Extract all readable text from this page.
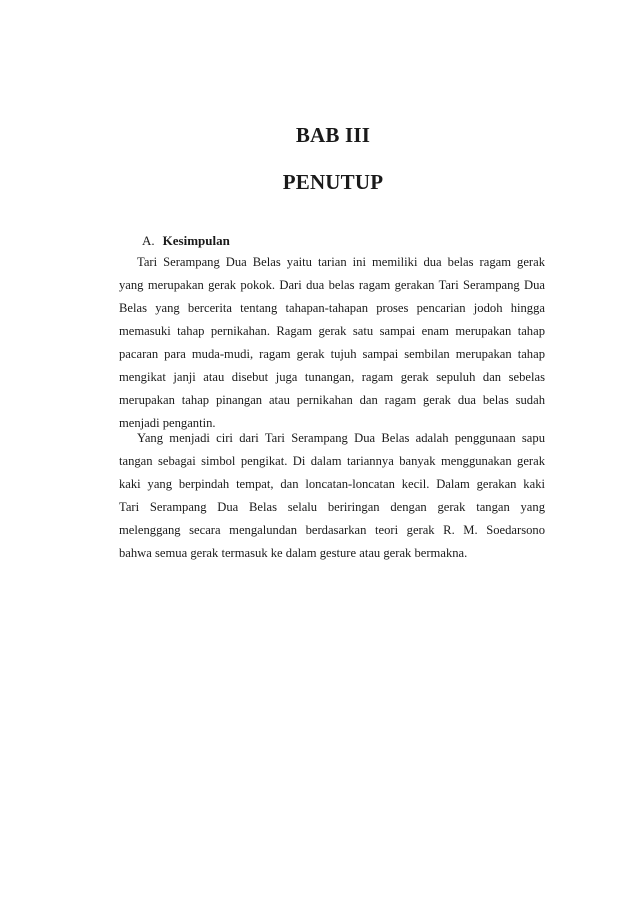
BAB III
PENUTUP
A. Kesimpulan
Tari Serampang Dua Belas yaitu tarian ini memiliki dua belas ragam gerak
yang merupakan gerak pokok. Dari dua belas ragam gerakan Tari Serampang Dua
Belas yang bercerita tentang tahapan-tahapan proses pencarian jodoh hingga
memasuki tahap pernikahan. Ragam gerak satu sampai enam merupakan tahap
pacaran para muda-mudi, ragam gerak tujuh sampai sembilan merupakan tahap
mengikat janji atau disebut juga tunangan, ragam gerak sepuluh dan sebelas
merupakan tahap pinangan atau pernikahan dan ragam gerak dua belas sudah
menjadi pengantin.
Yang menjadi ciri dari Tari Serampang Dua Belas adalah penggunaan sapu
tangan sebagai simbol pengikat. Di dalam tariannya banyak menggunakan gerak
kaki yang berpindah tempat, dan loncatan-loncatan kecil. Dalam gerakan kaki
Tari Serampang Dua Belas selalu beriringan dengan gerak tangan yang
melenggang secara mengalundan berdasarkan teori gerak R. M. Soedarsono
bahwa semua gerak termasuk ke dalam gesture atau gerak bermakna.
